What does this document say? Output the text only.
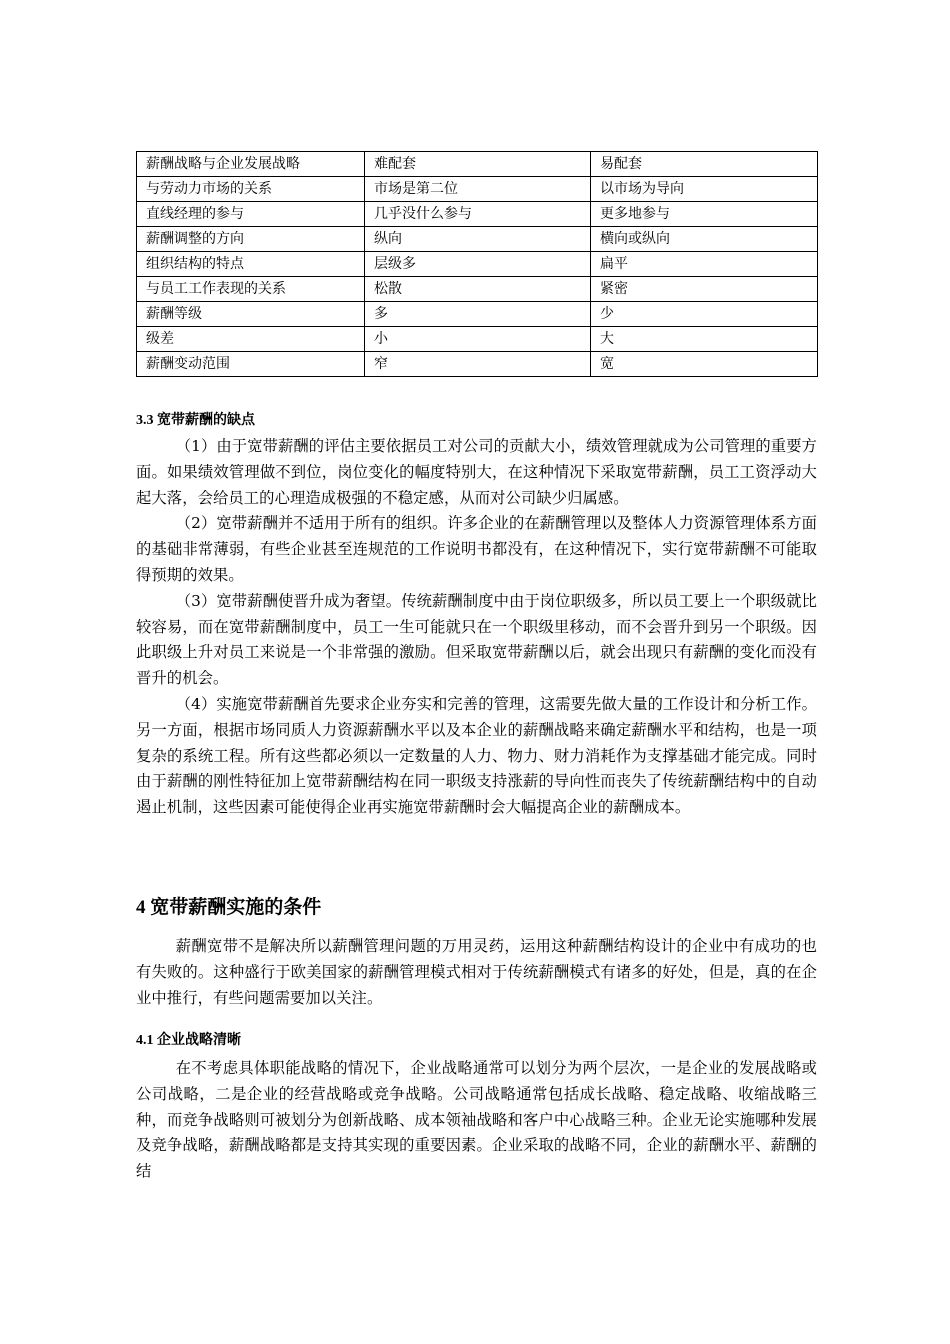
薪酬战略与企业发展战略	难配套	易配套
与劳动力市场的关系	市场是第二位	以市场为导向
直线经理的参与	几乎没什么参与	更多地参与
薪酬调整的方向	纵向	横向或纵向
组织结构的特点	层级多	扁平
与员工工作表现的关系	松散	紧密
薪酬等级	多	少
级差	小	大
薪酬变动范围	窄	宽
3.3 宽带薪酬的缺点

（1）由于宽带薪酬的评估主要依据员工对公司的贡献大小，绩效管理就成为公司管理的重要方面。如果绩效管理做不到位，岗位变化的幅度特别大，在这种情况下采取宽带薪酬，员工工资浮动大起大落，会给员工的心理造成极强的不稳定感，从而对公司缺少归属感。

（2）宽带薪酬并不适用于所有的组织。许多企业的在薪酬管理以及整体人力资源管理体系方面的基础非常薄弱，有些企业甚至连规范的工作说明书都没有，在这种情况下，实行宽带薪酬不可能取得预期的效果。

（3）宽带薪酬使晋升成为奢望。传统薪酬制度中由于岗位职级多，所以员工要上一个职级就比较容易，而在宽带薪酬制度中，员工一生可能就只在一个职级里移动，而不会晋升到另一个职级。因此职级上升对员工来说是一个非常强的激励。但采取宽带薪酬以后，就会出现只有薪酬的变化而没有晋升的机会。

（4）实施宽带薪酬首先要求企业夯实和完善的管理，这需要先做大量的工作设计和分析工作。另一方面，根据市场同质人力资源薪酬水平以及本企业的薪酬战略来确定薪酬水平和结构，也是一项复杂的系统工程。所有这些都必须以一定数量的人力、物力、财力消耗作为支撑基础才能完成。同时由于薪酬的刚性特征加上宽带薪酬结构在同一职级支持涨薪的导向性而丧失了传统薪酬结构中的自动遏止机制，这些因素可能使得企业再实施宽带薪酬时会大幅提高企业的薪酬成本。

4 宽带薪酬实施的条件

薪酬宽带不是解决所以薪酬管理问题的万用灵药，运用这种薪酬结构设计的企业中有成功的也有失败的。这种盛行于欧美国家的薪酬管理模式相对于传统薪酬模式有诸多的好处，但是，真的在企业中推行，有些问题需要加以关注。

4.1 企业战略清晰

在不考虑具体职能战略的情况下，企业战略通常可以划分为两个层次，一是企业的发展战略或公司战略，二是企业的经营战略或竞争战略。公司战略通常包括成长战略、稳定战略、收缩战略三种，而竞争战略则可被划分为创新战略、成本领袖战略和客户中心战略三种。企业无论实施哪种发展及竞争战略，薪酬战略都是支持其实现的重要因素。企业采取的战略不同，企业的薪酬水平、薪酬的结
